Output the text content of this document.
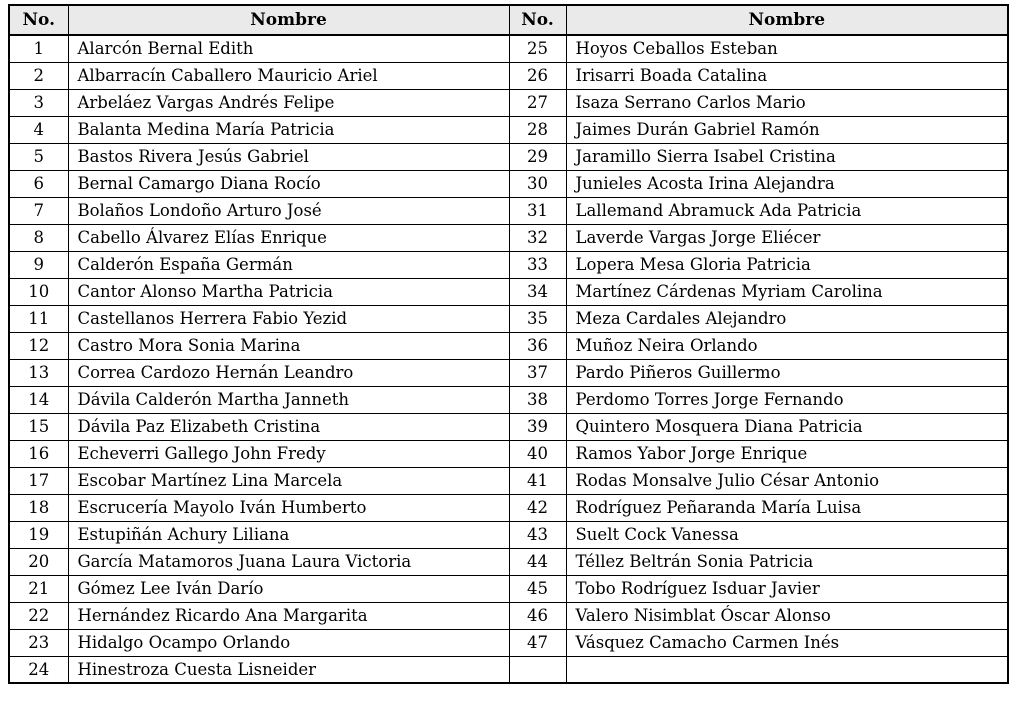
No.	Nombre	No.	Nombre
1	Alarcón Bernal Edith	25	Hoyos Ceballos Esteban
2	Albarracín Caballero Mauricio Ariel	26	Irisarri Boada Catalina
3	Arbeláez Vargas Andrés Felipe	27	Isaza Serrano Carlos Mario
4	Balanta Medina María Patricia	28	Jaimes Durán Gabriel Ramón
5	Bastos Rivera Jesús Gabriel	29	Jaramillo Sierra Isabel Cristina
6	Bernal Camargo Diana Rocío	30	Junieles Acosta Irina Alejandra
7	Bolaños Londoño Arturo José	31	Lallemand Abramuck Ada Patricia
8	Cabello Álvarez Elías Enrique	32	Laverde Vargas Jorge Eliécer
9	Calderón España Germán	33	Lopera Mesa Gloria Patricia
10	Cantor Alonso Martha Patricia	34	Martínez Cárdenas Myriam Carolina
11	Castellanos Herrera Fabio Yezid	35	Meza Cardales Alejandro
12	Castro Mora Sonia Marina	36	Muñoz Neira Orlando
13	Correa Cardozo Hernán Leandro	37	Pardo Piñeros Guillermo
14	Dávila Calderón Martha Janneth	38	Perdomo Torres Jorge Fernando
15	Dávila Paz Elizabeth Cristina	39	Quintero Mosquera Diana Patricia
16	Echeverri Gallego John Fredy	40	Ramos Yabor Jorge Enrique
17	Escobar Martínez Lina Marcela	41	Rodas Monsalve Julio César Antonio
18	Escrucería Mayolo Iván Humberto	42	Rodríguez Peñaranda María Luisa
19	Estupiñán Achury Liliana	43	Suelt Cock Vanessa
20	García Matamoros Juana Laura Victoria	44	Téllez Beltrán Sonia Patricia
21	Gómez Lee Iván Darío	45	Tobo Rodríguez Isduar Javier
22	Hernández Ricardo Ana Margarita	46	Valero Nisimblat Óscar Alonso
23	Hidalgo Ocampo Orlando	47	Vásquez Camacho Carmen Inés
24	Hinestroza Cuesta Lisneider		
